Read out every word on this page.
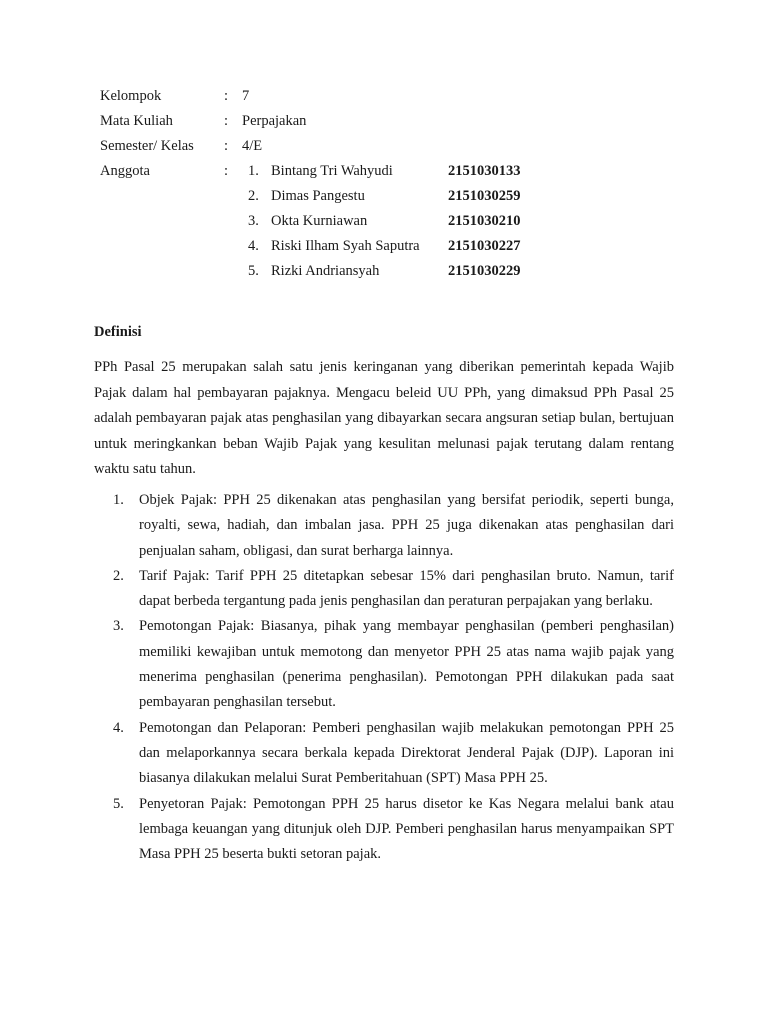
Kelompok	: 7
Mata Kuliah	: Perpajakan
Semester/ Kelas : 4/E
Anggota	: 1. Bintang Tri Wahyudi	2151030133
2. Dimas Pangestu	2151030259
3. Okta Kurniawan	2151030210
4. Riski Ilham Syah Saputra 2151030227
5. Rizki Andriansyah	2151030229
Definisi

PPh Pasal 25 merupakan salah satu jenis keringanan yang diberikan pemerintah kepada Wajib Pajak dalam hal pembayaran pajaknya. Mengacu beleid UU PPh, yang dimaksud PPh Pasal 25 adalah pembayaran pajak atas penghasilan yang dibayarkan secara angsuran setiap bulan, bertujuan untuk meringkankan beban Wajib Pajak yang kesulitan melunasi pajak terutang dalam rentang waktu satu tahun.

1. Objek Pajak: PPH 25 dikenakan atas penghasilan yang bersifat periodik, seperti bunga, royalti, sewa, hadiah, dan imbalan jasa. PPH 25 juga dikenakan atas penghasilan dari penjualan saham, obligasi, dan surat berharga lainnya.
2. Tarif Pajak: Tarif PPH 25 ditetapkan sebesar 15% dari penghasilan bruto. Namun, tarif dapat berbeda tergantung pada jenis penghasilan dan peraturan perpajakan yang berlaku.
3. Pemotongan Pajak: Biasanya, pihak yang membayar penghasilan (pemberi penghasilan) memiliki kewajiban untuk memotong dan menyetor PPH 25 atas nama wajib pajak yang menerima penghasilan (penerima penghasilan). Pemotongan PPH dilakukan pada saat pembayaran penghasilan tersebut.
4. Pemotongan dan Pelaporan: Pemberi penghasilan wajib melakukan pemotongan PPH 25 dan melaporkannya secara berkala kepada Direktorat Jenderal Pajak (DJP). Laporan ini biasanya dilakukan melalui Surat Pemberitahuan (SPT) Masa PPH 25.
5. Penyetoran Pajak: Pemotongan PPH 25 harus disetor ke Kas Negara melalui bank atau lembaga keuangan yang ditunjuk oleh DJP. Pemberi penghasilan harus menyampaikan SPT Masa PPH 25 beserta bukti setoran pajak.
